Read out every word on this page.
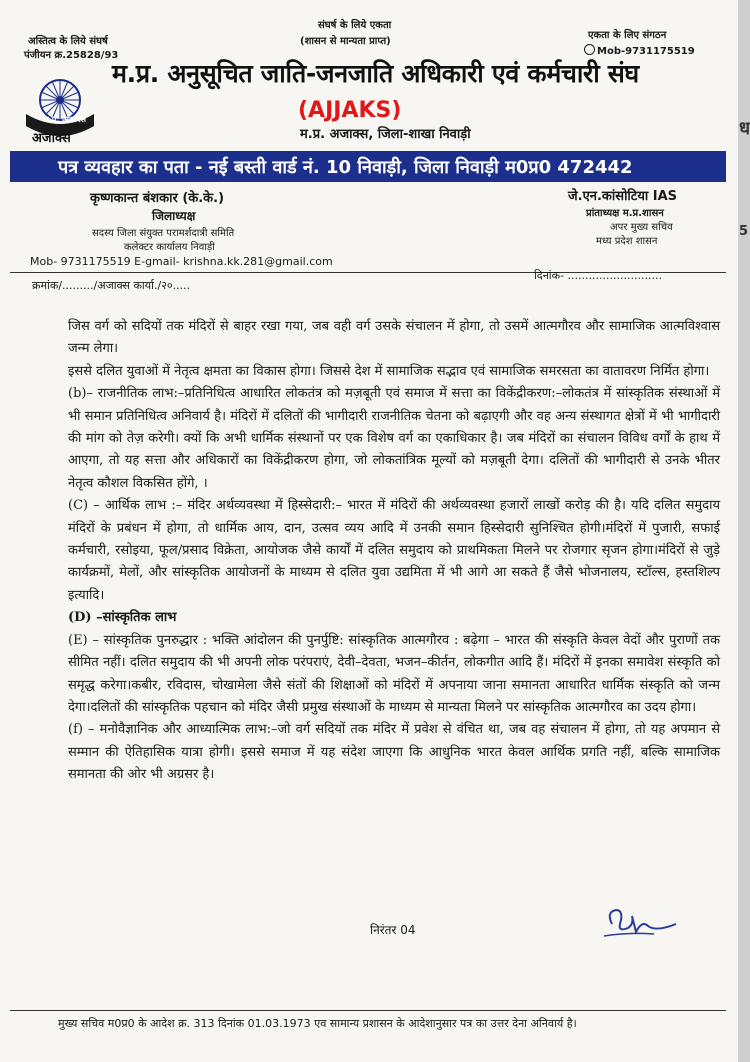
अस्तित्व के लिये संघर्ष
पंजीयन क्र.25828/93
संघर्ष के लिये एकता
(शासन से मान्यता प्राप्त)
एकता के लिए संगठन
Mob-9731175519
म.प्र. अजाक्स
अजाक्स
म.प्र. अनुसूचित जाति-जनजाति अधिकारी एवं कर्मचारी संघ
(AJJAKS)
म.प्र. अजाक्स, जिला-शाखा निवाड़ी
पत्र व्यवहार का पता - नई बस्ती वार्ड नं. 10 निवाड़ी, जिला निवाड़ी म0प्र0 472442
कृष्णकान्त बंशकार (के.के.)
जिलाध्यक्ष
सदस्य जिला संयुक्त परामर्शदात्री समिति
कलेक्टर कार्यालय निवाड़ी
Mob- 9731175519 E-gmail- krishna.kk.281@gmail.com
जे.एन.कांसोटिया IAS
प्रांताध्यक्ष म.प्र.शासन
अपर मुख्य सचिव
मध्य प्रदेश शासन
क्रमांक/........./अजाक्स कार्या./२०.....
दिनांक- ...........................

जिस वर्ग को सदियों तक मंदिरों से बाहर रखा गया, जब वही वर्ग उसके संचालन में होगा, तो उसमें आत्मगौरव और सामाजिक आत्मविश्वास जन्म लेगा।

इससे दलित युवाओं में नेतृत्व क्षमता का विकास होगा। जिससे देश में सामाजिक सद्भाव एवं सामाजिक समरसता का वातावरण निर्मित होगा।

(b)– राजनीतिक लाभ:–प्रतिनिधित्व आधारित लोकतंत्र को मज़बूती एवं समाज में सत्ता का विकेंद्रीकरण:–लोकतंत्र में सांस्कृतिक संस्थाओं में भी समान प्रतिनिधित्व अनिवार्य है। मंदिरों में दलितों की भागीदारी राजनीतिक चेतना को बढ़ाएगी और वह अन्य संस्थागत क्षेत्रों में भी भागीदारी की मांग को तेज़ करेगी। क्यों कि अभी धार्मिक संस्थानों पर एक विशेष वर्ग का एकाधिकार है। जब मंदिरों का संचालन विविध वर्गों के हाथ में आएगा, तो यह सत्ता और अधिकारों का विकेंद्रीकरण होगा, जो लोकतांत्रिक मूल्यों को मज़बूती देगा। दलितों की भागीदारी से उनके भीतर नेतृत्व कौशल विकसित होंगे, ।

(C) – आर्थिक लाभ :– मंदिर अर्थव्यवस्था में हिस्सेदारी:– भारत में मंदिरों की अर्थव्यवस्था हजारों लाखों करोड़ की है। यदि दलित समुदाय मंदिरों के प्रबंधन में होगा, तो धार्मिक आय, दान, उत्सव व्यय आदि में उनकी समान हिस्सेदारी सुनिश्चित होगी।मंदिरों में पुजारी, सफाई कर्मचारी, रसोइया, फूल/प्रसाद विक्रेता, आयोजक जैसे कार्यों में दलित समुदाय को प्राथमिकता मिलने पर रोजगार सृजन होगा।मंदिरों से जुड़े कार्यक्रमों, मेलों, और सांस्कृतिक आयोजनों के माध्यम से दलित युवा उद्यमिता में भी आगे आ सकते हैं जैसे भोजनालय, स्टॉल्स, हस्तशिल्प इत्यादि।

(D) –सांस्कृतिक लाभ

(E) – सांस्कृतिक पुनरुद्धार : भक्ति आंदोलन की पुनर्पुष्टि: सांस्कृतिक आत्मगौरव : बढ़ेगा – भारत की संस्कृति केवल वेदों और पुराणों तक सीमित नहीं। दलित समुदाय की भी अपनी लोक परंपराएं, देवी–देवता, भजन–कीर्तन, लोकगीत आदि हैं। मंदिरों में इनका समावेश संस्कृति को समृद्ध करेगा।कबीर, रविदास, चोखामेला जैसे संतों की शिक्षाओं को मंदिरों में अपनाया जाना समानता आधारित धार्मिक संस्कृति को जन्म देगा।दलितों की सांस्कृतिक पहचान को मंदिर जैसी प्रमुख संस्थाओं के माध्यम से मान्यता मिलने पर सांस्कृतिक आत्मगौरव का उदय होगा।

(f) – मनोवैज्ञानिक और आध्यात्मिक लाभ:–जो वर्ग सदियों तक मंदिर में प्रवेश से वंचित था, जब वह संचालन में होगा, तो यह अपमान से सम्मान की ऐतिहासिक यात्रा होगी। इससे समाज में यह संदेश जाएगा कि आधुनिक भारत केवल आर्थिक प्रगति नहीं, बल्कि सामाजिक समानता की ओर भी अग्रसर है।

निरंतर 04
मुख्य सचिव म0प्र0 के आदेश क्र. 313 दिनांक 01.03.1973 एव सामान्य प्रशासन के आदेशानुसार पत्र का उत्तर देना अनिवार्य है।
ध
5
